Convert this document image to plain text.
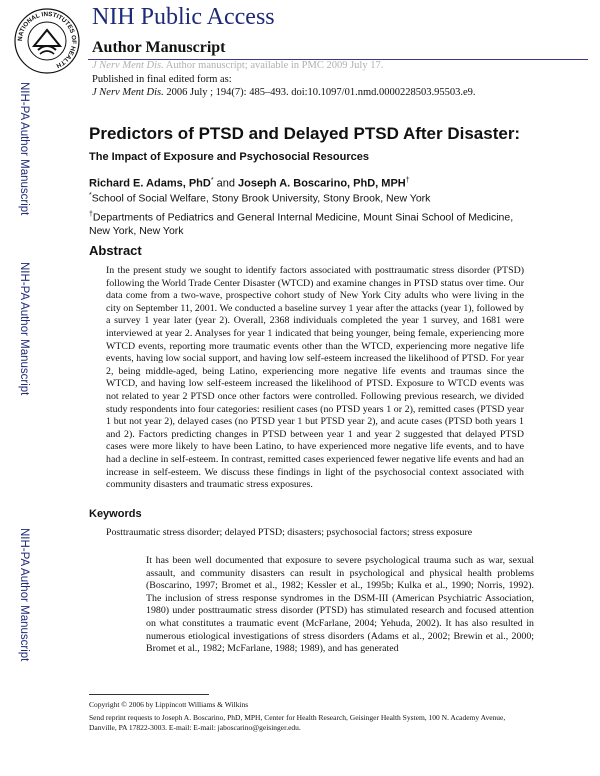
NATIONAL INSTITUTES OF HEALTH
NIH Public Access
Author Manuscript
J Nerv Ment Dis. Author manuscript; available in PMC 2009 July 17.
Published in final edited form as:
J Nerv Ment Dis. 2006 July ; 194(7): 485–493. doi:10.1097/01.nmd.0000228503.95503.e9.
NIH-PA Author Manuscript
NIH-PA Author Manuscript
NIH-PA Author Manuscript
Predictors of PTSD and Delayed PTSD After Disaster:
The Impact of Exposure and Psychosocial Resources
Richard E. Adams, PhD* and Joseph A. Boscarino, PhD, MPH†
*School of Social Welfare, Stony Brook University, Stony Brook, New York
†Departments of Pediatrics and General Internal Medicine, Mount Sinai School of Medicine, New York, New York
Abstract
In the present study we sought to identify factors associated with posttraumatic stress disorder (PTSD) following the World Trade Center Disaster (WTCD) and examine changes in PTSD status over time. Our data come from a two-wave, prospective cohort study of New York City adults who were living in the city on September 11, 2001. We conducted a baseline survey 1 year after the attacks (year 1), followed by a survey 1 year later (year 2). Overall, 2368 individuals completed the year 1 survey, and 1681 were interviewed at year 2. Analyses for year 1 indicated that being younger, being female, experiencing more WTCD events, reporting more traumatic events other than the WTCD, experiencing more negative life events, having low social support, and having low self-esteem increased the likelihood of PTSD. For year 2, being middle-aged, being Latino, experiencing more negative life events and traumas since the WTCD, and having low self-esteem increased the likelihood of PTSD. Exposure to WTCD events was not related to year 2 PTSD once other factors were controlled. Following previous research, we divided study respondents into four categories: resilient cases (no PTSD years 1 or 2), remitted cases (PTSD year 1 but not year 2), delayed cases (no PTSD year 1 but PTSD year 2), and acute cases (PTSD both years 1 and 2). Factors predicting changes in PTSD between year 1 and year 2 suggested that delayed PTSD cases were more likely to have been Latino, to have experienced more negative life events, and to have had a decline in self-esteem. In contrast, remitted cases experienced fewer negative life events and had an increase in self-esteem. We discuss these findings in light of the psychosocial context associated with community disasters and traumatic stress exposures.
Keywords
Posttraumatic stress disorder; delayed PTSD; disasters; psychosocial factors; stress exposure
It has been well documented that exposure to severe psychological trauma such as war, sexual assault, and community disasters can result in psychological and physical health problems (Boscarino, 1997; Bromet et al., 1982; Kessler et al., 1995b; Kulka et al., 1990; Norris, 1992). The inclusion of stress response syndromes in the DSM-III (American Psychiatric Association, 1980) under posttraumatic stress disorder (PTSD) has stimulated research and focused attention on what constitutes a traumatic event (McFarlane, 2004; Yehuda, 2002). It has also resulted in numerous etiological investigations of stress disorders (Adams et al., 2002; Brewin et al., 2000; Bromet et al., 1982; McFarlane, 1988; 1989), and has generated
Copyright © 2006 by Lippincott Williams & Wilkins
Send reprint requests to Joseph A. Boscarino, PhD, MPH, Center for Health Research, Geisinger Health System, 100 N. Academy Avenue, Danville, PA 17822-3003. E-mail: E-mail: jaboscarino@geisinger.edu.
